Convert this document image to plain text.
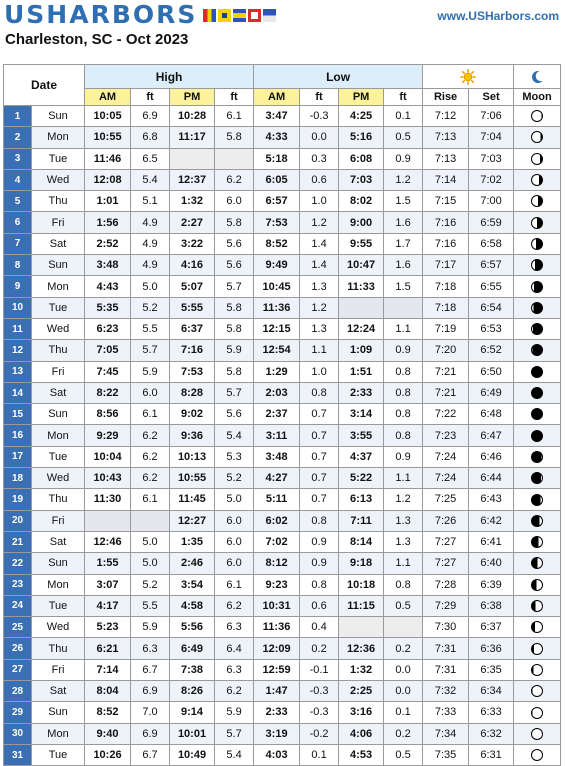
USHARBORS	www.USHarbors.com
Charleston, SC - Oct 2023
Date		High				Low		
		AM	ft	PM	ft	AM	ft	PM	ft	Rise	Set	Moon
1	Sun	10:05	6.9	10:28	6.1	3:47	-0.3	4:25	0.1	7:12	7:06	
2	Mon	10:55	6.8	11:17	5.8	4:33	0.0	5:16	0.5	7:13	7:04	
3	Tue	11:46	6.5			5:18	0.3	6:08	0.9	7:13	7:03	
4	Wed	12:08	5.4	12:37	6.2	6:05	0.6	7:03	1.2	7:14	7:02	
5	Thu	1:01	5.1	1:32	6.0	6:57	1.0	8:02	1.5	7:15	7:00	
6	Fri	1:56	4.9	2:27	5.8	7:53	1.2	9:00	1.6	7:16	6:59	
7	Sat	2:52	4.9	3:22	5.6	8:52	1.4	9:55	1.7	7:16	6:58	
8	Sun	3:48	4.9	4:16	5.6	9:49	1.4	10:47	1.6	7:17	6:57	
9	Mon	4:43	5.0	5:07	5.7	10:45	1.3	11:33	1.5	7:18	6:55	
10	Tue	5:35	5.2	5:55	5.8	11:36	1.2			7:18	6:54	
11	Wed	6:23	5.5	6:37	5.8	12:15	1.3	12:24	1.1	7:19	6:53	
12	Thu	7:05	5.7	7:16	5.9	12:54	1.1	1:09	0.9	7:20	6:52	
13	Fri	7:45	5.9	7:53	5.8	1:29	1.0	1:51	0.8	7:21	6:50	
14	Sat	8:22	6.0	8:28	5.7	2:03	0.8	2:33	0.8	7:21	6:49	
15	Sun	8:56	6.1	9:02	5.6	2:37	0.7	3:14	0.8	7:22	6:48	
16	Mon	9:29	6.2	9:36	5.4	3:11	0.7	3:55	0.8	7:23	6:47	
17	Tue	10:04	6.2	10:13	5.3	3:48	0.7	4:37	0.9	7:24	6:46	
18	Wed	10:43	6.2	10:55	5.2	4:27	0.7	5:22	1.1	7:24	6:44	
19	Thu	11:30	6.1	11:45	5.0	5:11	0.7	6:13	1.2	7:25	6:43	
20	Fri			12:27	6.0	6:02	0.8	7:11	1.3	7:26	6:42	
21	Sat	12:46	5.0	1:35	6.0	7:02	0.9	8:14	1.3	7:27	6:41	
22	Sun	1:55	5.0	2:46	6.0	8:12	0.9	9:18	1.1	7:27	6:40	
23	Mon	3:07	5.2	3:54	6.1	9:23	0.8	10:18	0.8	7:28	6:39	
24	Tue	4:17	5.5	4:58	6.2	10:31	0.6	11:15	0.5	7:29	6:38	
25	Wed	5:23	5.9	5:56	6.3	11:36	0.4			7:30	6:37	
26	Thu	6:21	6.3	6:49	6.4	12:09	0.2	12:36	0.2	7:31	6:36	
27	Fri	7:14	6.7	7:38	6.3	12:59	-0.1	1:32	0.0	7:31	6:35	
28	Sat	8:04	6.9	8:26	6.2	1:47	-0.3	2:25	0.0	7:32	6:34	
29	Sun	8:52	7.0	9:14	5.9	2:33	-0.3	3:16	0.1	7:33	6:33	
30	Mon	9:40	6.9	10:01	5.7	3:19	-0.2	4:06	0.2	7:34	6:32	
31	Tue	10:26	6.7	10:49	5.4	4:03	0.1	4:53	0.5	7:35	6:31	
